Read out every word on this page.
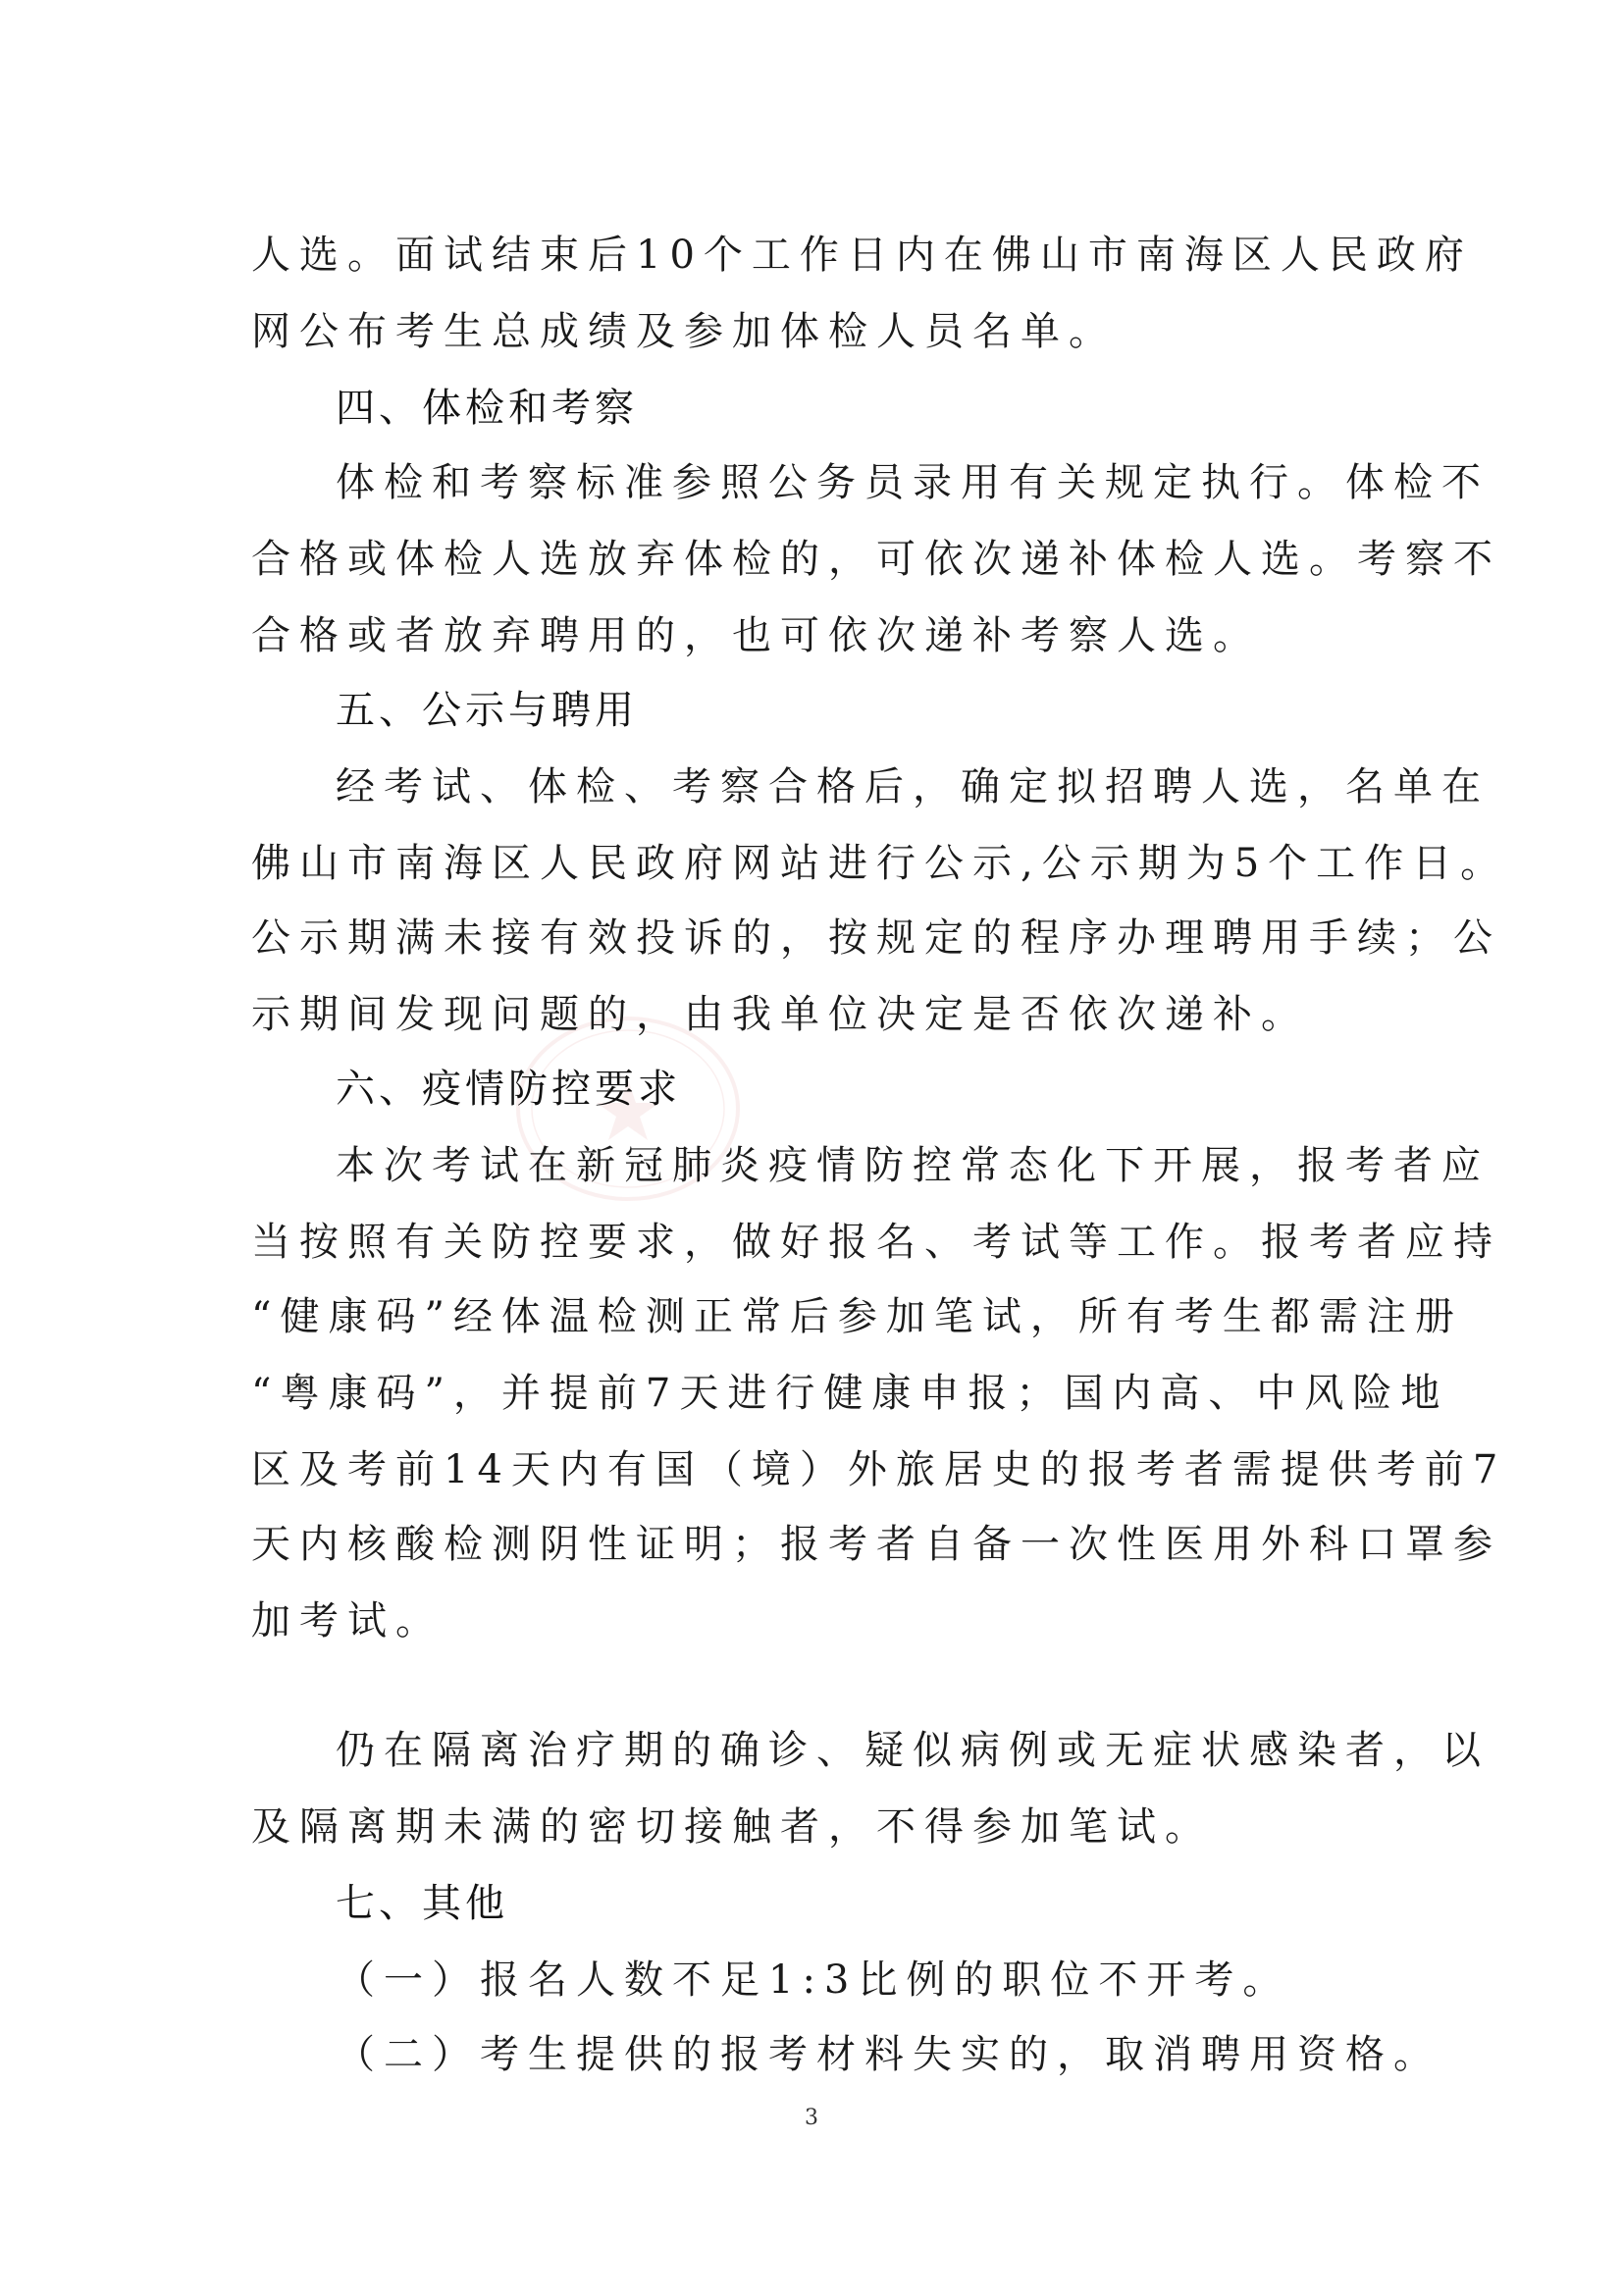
人选。面试结束后10个工作日内在佛山市南海区人民政府
网公布考生总成绩及参加体检人员名单。
四、体检和考察
体检和考察标准参照公务员录用有关规定执行。体检不
合格或体检人选放弃体检的，可依次递补体检人选。考察不
合格或者放弃聘用的，也可依次递补考察人选。
五、公示与聘用
经考试、体检、考察合格后，确定拟招聘人选，名单在
佛山市南海区人民政府网站进行公示,公示期为5个工作日。
公示期满未接有效投诉的，按规定的程序办理聘用手续；公
示期间发现问题的，由我单位决定是否依次递补。
六、疫情防控要求
本次考试在新冠肺炎疫情防控常态化下开展，报考者应
当按照有关防控要求，做好报名、考试等工作。报考者应持
“健康码”经体温检测正常后参加笔试，所有考生都需注册
“粤康码”，并提前7天进行健康申报；国内高、中风险地
区及考前14天内有国（境）外旅居史的报考者需提供考前7
天内核酸检测阴性证明；报考者自备一次性医用外科口罩参
加考试。
仍在隔离治疗期的确诊、疑似病例或无症状感染者，以
及隔离期未满的密切接触者，不得参加笔试。
七、其他
（一）报名人数不足1:3比例的职位不开考。
（二）考生提供的报考材料失实的，取消聘用资格。
3
